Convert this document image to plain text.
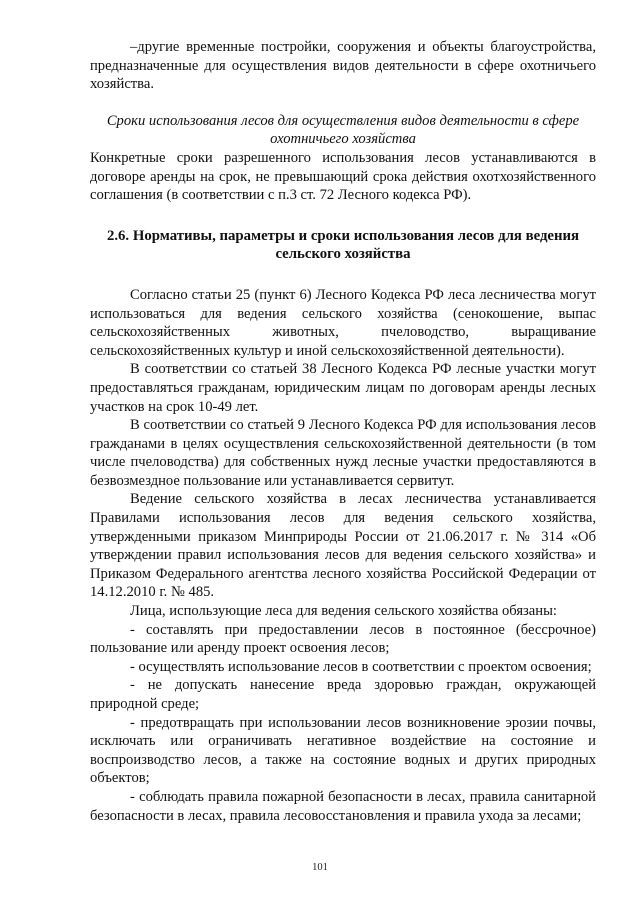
–другие временные постройки, сооружения и объекты благоустройства, предназначенные для осуществления видов деятельности в сфере охотничьего хозяйства.

Сроки использования лесов для осуществления видов деятельности в сфере охотничьего хозяйства

Конкретные сроки разрешенного использования лесов устанавливаются в договоре аренды на срок, не превышающий срока действия охотхозяйственного соглашения (в соответствии с п.3 ст. 72 Лесного кодекса РФ).

2.6. Нормативы, параметры и сроки использования лесов для ведения сельского хозяйства

Согласно статьи 25 (пункт 6) Лесного Кодекса РФ леса лесничества могут использоваться для ведения сельского хозяйства (сенокошение, выпас сельскохозяйственных животных, пчеловодство, выращивание сельскохозяйственных культур и иной сельскохозяйственной деятельности).

В соответствии со статьей 38 Лесного Кодекса РФ лесные участки могут предоставляться гражданам, юридическим лицам по договорам аренды лесных участков на срок 10-49 лет.

В соответствии со статьей 9 Лесного Кодекса РФ для использования лесов гражданами в целях осуществления сельскохозяйственной деятельности (в том числе пчеловодства) для собственных нужд лесные участки предоставляются в безвозмездное пользование или устанавливается сервитут.

Ведение сельского хозяйства в лесах лесничества устанавливается Правилами использования лесов для ведения сельского хозяйства, утвержденными приказом Минприроды России от 21.06.2017 г. № 314 «Об утверждении правил использования лесов для ведения сельского хозяйства» и Приказом Федерального агентства лесного хозяйства Российской Федерации от 14.12.2010 г. № 485.

Лица, использующие леса для ведения сельского хозяйства обязаны:

- составлять при предоставлении лесов в постоянное (бессрочное) пользование или аренду проект освоения лесов;

- осуществлять использование лесов в соответствии с проектом освоения;

- не допускать нанесение вреда здоровью граждан, окружающей природной среде;

- предотвращать при использовании лесов возникновение эрозии почвы, исключать или ограничивать негативное воздействие на состояние и воспроизводство лесов, а также на состояние водных и других природных объектов;

- соблюдать правила пожарной безопасности в лесах, правила санитарной безопасности в лесах, правила лесовосстановления и правила ухода за лесами;

101
